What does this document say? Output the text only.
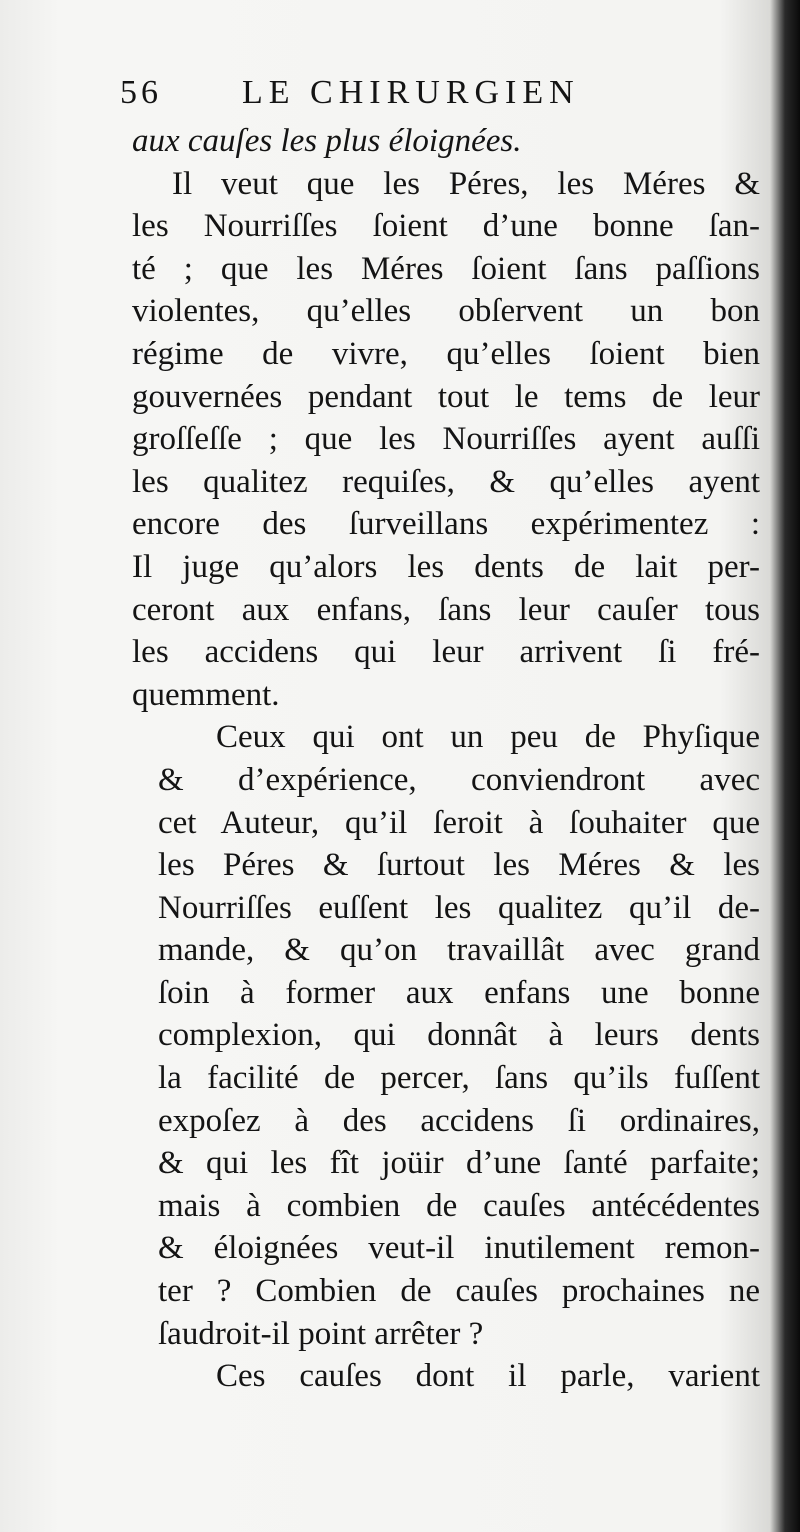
56 LE CHIRURGIEN
aux cauſes les plus éloignées.
Il veut que les Péres, les Méres &
les Nourriſſes ſoient d’une bonne ſan-
té ; que les Méres ſoient ſans paſſions
violentes, qu’elles obſervent un bon
régime de vivre, qu’elles ſoient bien
gouvernées pendant tout le tems de leur
groſſeſſe ; que les Nourriſſes ayent auſſi
les qualitez requiſes, & qu’elles ayent
encore des ſurveillans expérimentez :
Il juge qu’alors les dents de lait per-
ceront aux enfans, ſans leur cauſer tous
les accidens qui leur arrivent ſi fré-
quemment.
Ceux qui ont un peu de Phyſique
& d’expérience, conviendront avec
cet Auteur, qu’il ſeroit à ſouhaiter que
les Péres & ſurtout les Méres & les
Nourriſſes euſſent les qualitez qu’il de-
mande, & qu’on travaillât avec grand
ſoin à former aux enfans une bonne
complexion, qui donnât à leurs dents
la facilité de percer, ſans qu’ils fuſſent
expoſez à des accidens ſi ordinaires,
& qui les fît joüir d’une ſanté parfaite;
mais à combien de cauſes antécédentes
& éloignées veut-il inutilement remon-
ter ? Combien de cauſes prochaines ne
ſaudroit-il point arrêter ?
Ces cauſes dont il parle, varient
